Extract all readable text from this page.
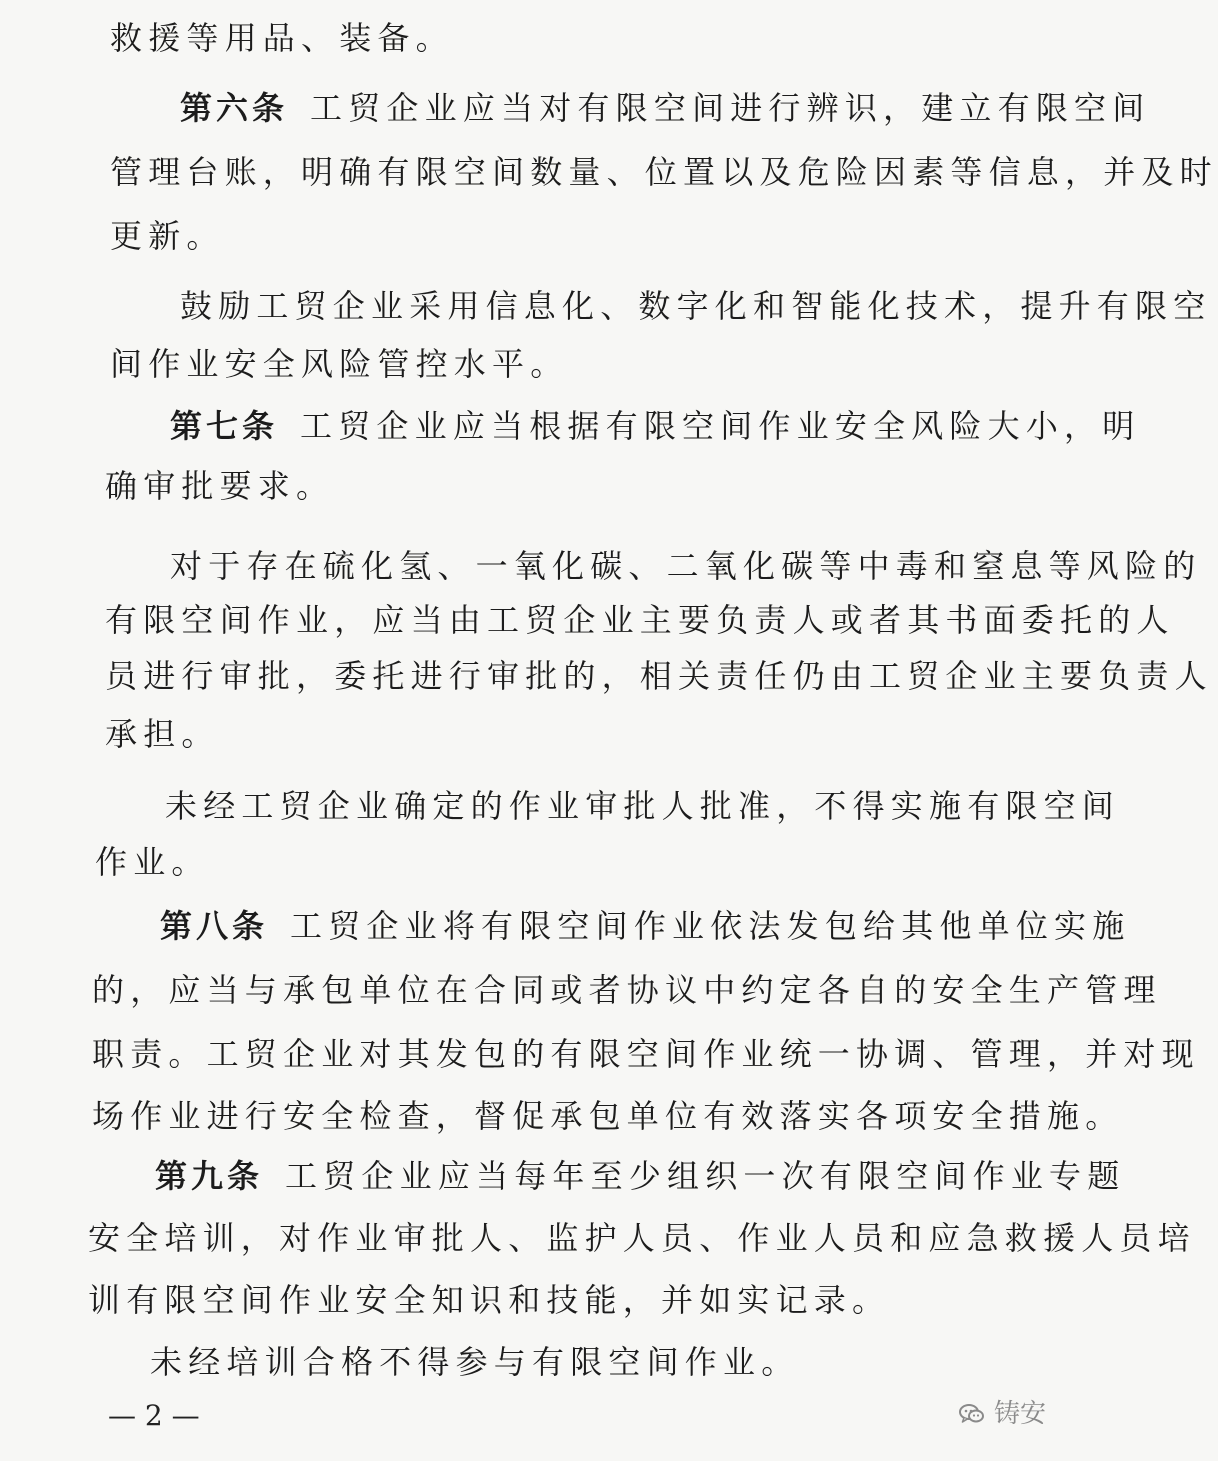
救援等用品、装备。
第六条 工贸企业应当对有限空间进行辨识，建立有限空间
管理台账，明确有限空间数量、位置以及危险因素等信息，并及时
更新。
鼓励工贸企业采用信息化、数字化和智能化技术，提升有限空
间作业安全风险管控水平。
第七条 工贸企业应当根据有限空间作业安全风险大小，明
确审批要求。
对于存在硫化氢、一氧化碳、二氧化碳等中毒和窒息等风险的
有限空间作业，应当由工贸企业主要负责人或者其书面委托的人
员进行审批，委托进行审批的，相关责任仍由工贸企业主要负责人
承担。
未经工贸企业确定的作业审批人批准，不得实施有限空间
作业。
第八条 工贸企业将有限空间作业依法发包给其他单位实施
的，应当与承包单位在合同或者协议中约定各自的安全生产管理
职责。工贸企业对其发包的有限空间作业统一协调、管理，并对现
场作业进行安全检查，督促承包单位有效落实各项安全措施。
第九条 工贸企业应当每年至少组织一次有限空间作业专题
安全培训，对作业审批人、监护人员、作业人员和应急救援人员培
训有限空间作业安全知识和技能，并如实记录。
未经培训合格不得参与有限空间作业。
— 2 —	铸安
